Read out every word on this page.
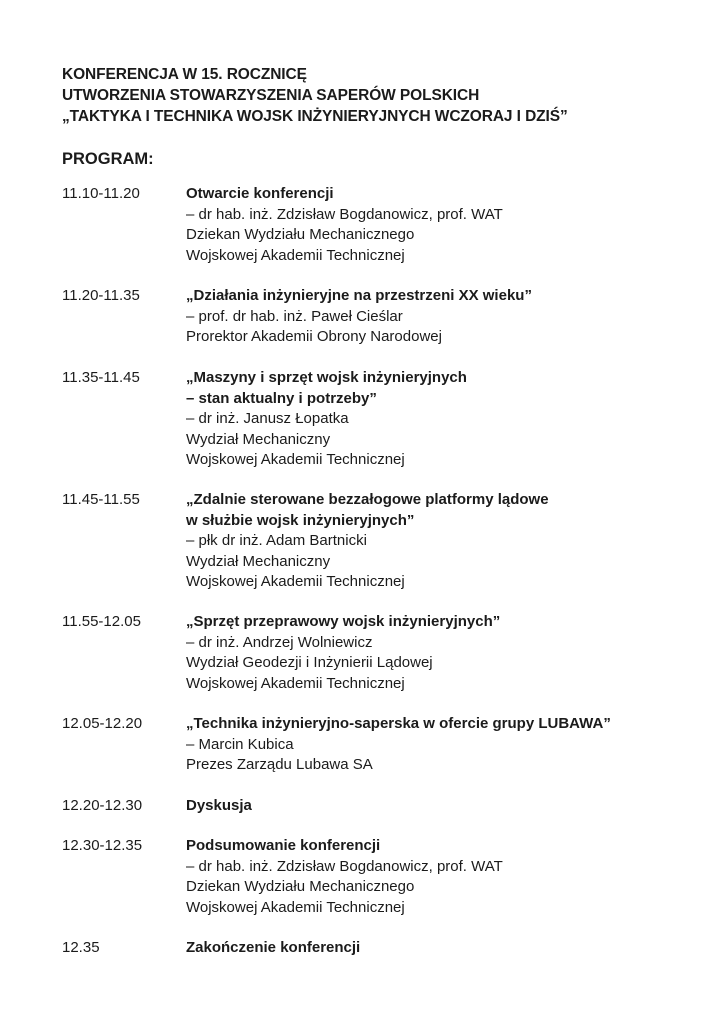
KONFERENCJA W 15. ROCZNICĘ
UTWORZENIA STOWARZYSZENIA SAPERÓW POLSKICH
„TAKTYKA I TECHNIKA WOJSK INŻYNIERYJNYCH WCZORAJ I DZIŚ”
PROGRAM:
11.10-11.20	Otwarcie konferencji
– dr hab. inż. Zdzisław Bogdanowicz, prof. WAT
Dziekan Wydziału Mechanicznego
Wojskowej Akademii Technicznej
11.20-11.35	„Działania inżynieryjne na przestrzeni XX wieku”
– prof. dr hab. inż. Paweł Cieślar
Prorektor Akademii Obrony Narodowej
11.35-11.45	„Maszyny i sprzęt wojsk inżynieryjnych
– stan aktualny i potrzeby”
– dr inż. Janusz Łopatka
Wydział Mechaniczny
Wojskowej Akademii Technicznej
11.45-11.55	„Zdalnie sterowane bezzałogowe platformy lądowe
w służbie wojsk inżynieryjnych”
– płk dr inż. Adam Bartnicki
Wydział Mechaniczny
Wojskowej Akademii Technicznej
11.55-12.05	„Sprzęt przeprawowy wojsk inżynieryjnych”
– dr inż. Andrzej Wolniewicz
Wydział Geodezji i Inżynierii Lądowej
Wojskowej Akademii Technicznej
12.05-12.20	„Technika inżynieryjno-saperska w ofercie grupy LUBAWA”
– Marcin Kubica
Prezes Zarządu Lubawa SA
12.20-12.30	Dyskusja
12.30-12.35	Podsumowanie konferencji
– dr hab. inż. Zdzisław Bogdanowicz, prof. WAT
Dziekan Wydziału Mechanicznego
Wojskowej Akademii Technicznej
12.35	Zakończenie konferencji
